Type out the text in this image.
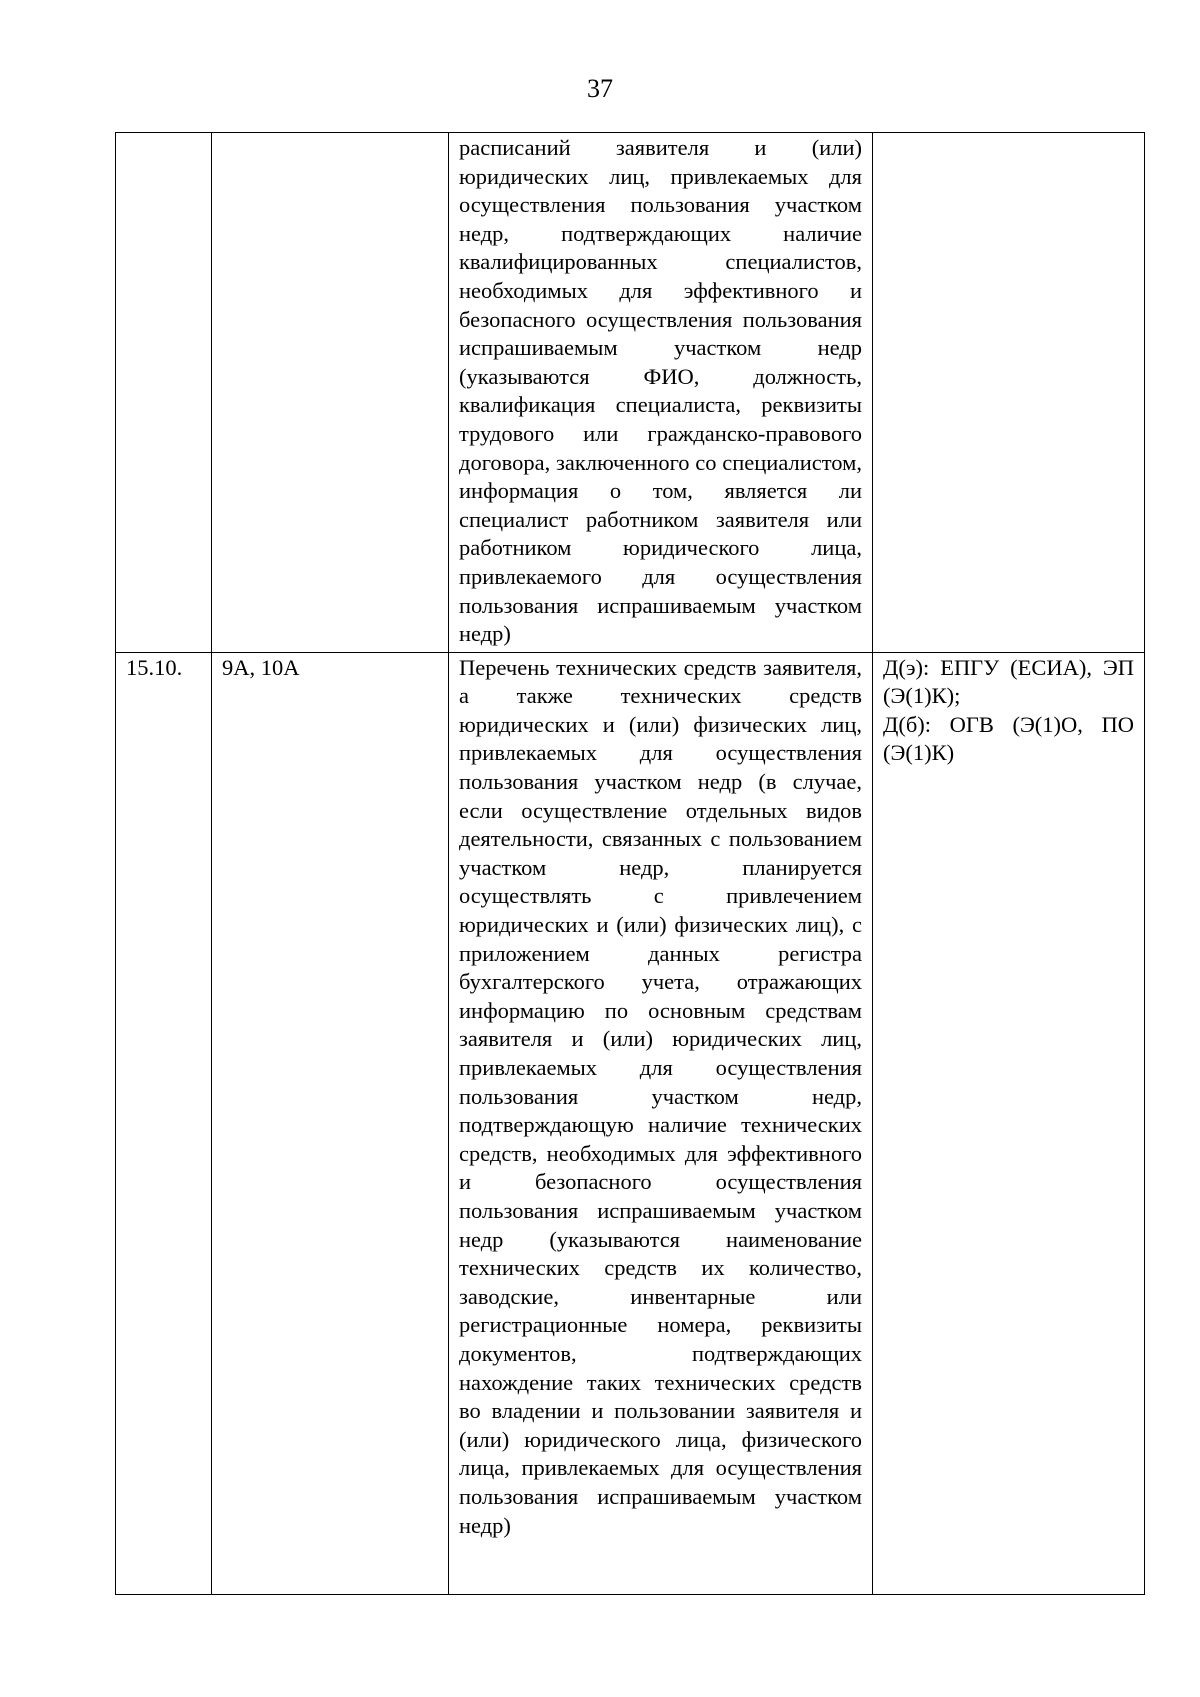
37
		расписаний заявителя и (или) юридических лиц, привлекаемых для осуществления пользования участком недр, подтверждающих наличие квалифицированных специалистов, необходимых для эффективного и безопасного осуществления пользования испрашиваемым участком недр (указываются ФИО, должность, квалификация специалиста, реквизиты трудового или гражданско-правового договора, заключенного со специалистом, информация о том, является ли специалист работником заявителя или работником юридического лица, привлекаемого для осуществления пользования испрашиваемым участком недр)	
15.10.	9А, 10А	Перечень технических средств заявителя, а также технических средств юридических и (или) физических лиц, привлекаемых для осуществления пользования участком недр (в случае, если осуществление отдельных видов деятельности, связанных с пользованием участком недр, планируется осуществлять с привлечением юридических и (или) физических лиц), с приложением данных регистра бухгалтерского учета, отражающих информацию по основным средствам заявителя и (или) юридических лиц, привлекаемых для осуществления пользования участком недр, подтверждающую наличие технических средств, необходимых для эффективного и безопасного осуществления пользования испрашиваемым участком недр (указываются наименование технических средств их количество, заводские, инвентарные или регистрационные номера, реквизиты документов, подтверждающих нахождение таких технических средств во владении и пользовании заявителя и (или) юридического лица, физического лица, привлекаемых для осуществления пользования испрашиваемым участком недр)	Д(э): ЕПГУ (ЕСИА), ЭП (Э(1)К);
Д(б): ОГВ (Э(1)О, ПО (Э(1)К)
